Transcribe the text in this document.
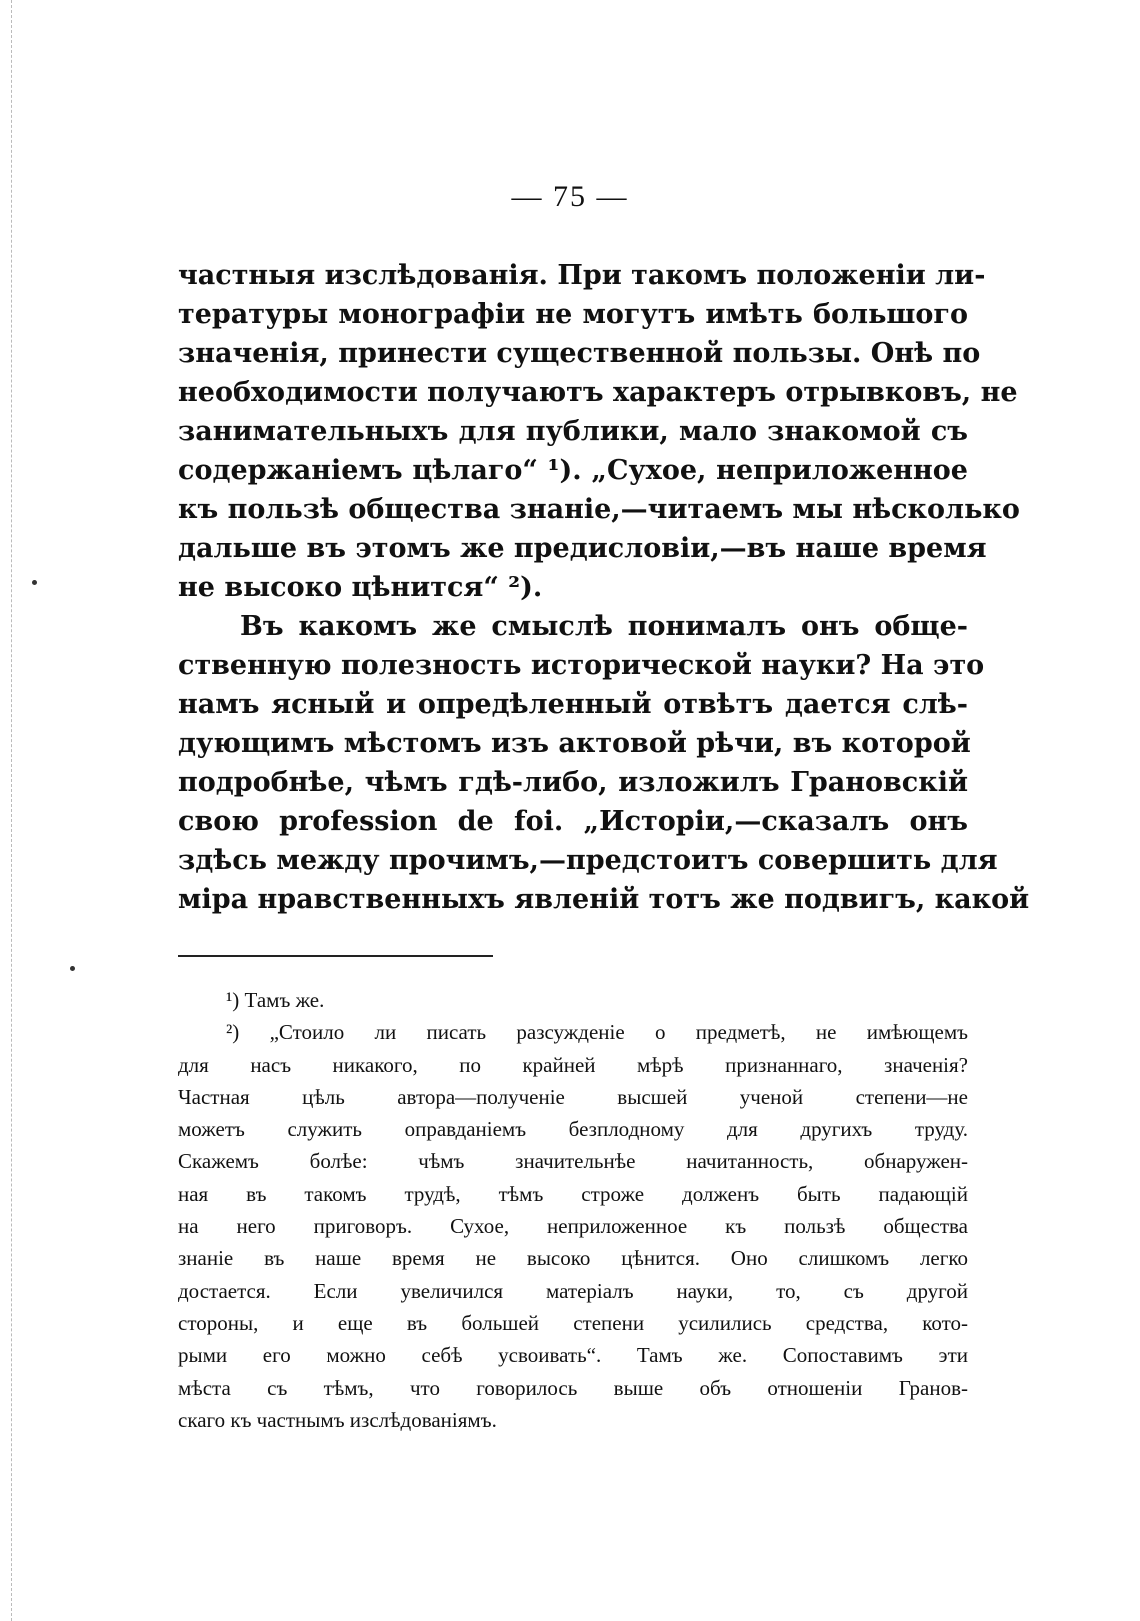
— 75 —
частныя изслѣдованія. При такомъ положеніи ли-
тературы монографіи не могутъ имѣть большого
значенія, принести существенной пользы. Онѣ по
необходимости получаютъ характеръ отрывковъ, не
занимательныхъ для публики, мало знакомой съ
содержаніемъ цѣлаго“ ¹). „Сухое, неприложенное
къ пользѣ общества знаніе,—читаемъ мы нѣсколько
дальше въ этомъ же предисловіи,—въ наше время
не высоко цѣнится“ ²).
Въ какомъ же смыслѣ понималъ онъ обще-
ственную полезность исторической науки? На это
намъ ясный и опредѣленный отвѣтъ дается слѣ-
дующимъ мѣстомъ изъ актовой рѣчи, въ которой
подробнѣе, чѣмъ гдѣ-либо, изложилъ Грановскій
свою profession de foi. „Исторіи,—сказалъ онъ
здѣсь между прочимъ,—предстоитъ совершить для
міра нравственныхъ явленій тотъ же подвигъ, какой
¹) Тамъ же.
²) „Стоило ли писать разсужденіе о предметѣ, не имѣющемъ
для насъ никакого, по крайней мѣрѣ признаннаго, значенія?
Частная цѣль автора—полученіе высшей ученой степени—не
можетъ служить оправданіемъ безплодному для другихъ труду.
Скажемъ болѣе: чѣмъ значительнѣе начитанность, обнаружен-
ная въ такомъ трудѣ, тѣмъ строже долженъ быть падающій
на него приговоръ. Сухое, неприложенное къ пользѣ общества
знаніе въ наше время не высоко цѣнится. Оно слишкомъ легко
достается. Если увеличился матеріалъ науки, то, съ другой
стороны, и еще въ большей степени усилились средства, кото-
рыми его можно себѣ усвоивать“. Тамъ же. Сопоставимъ эти
мѣста съ тѣмъ, что говорилось выше объ отношеніи Гранов-
скаго къ частнымъ изслѣдованіямъ.
